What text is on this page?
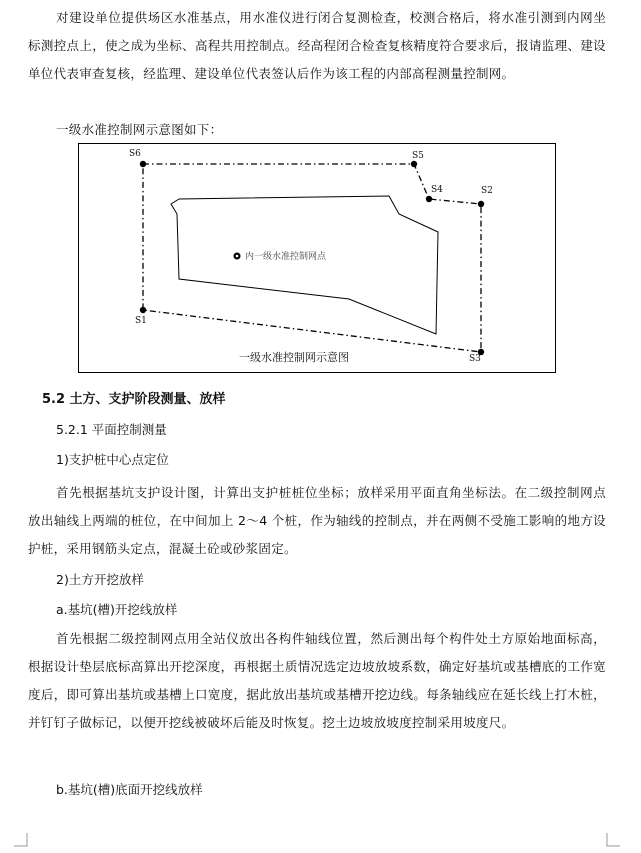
对建设单位提供场区水准基点，用水准仪进行闭合复测检查，校测合格后，将水准引测到内网坐标测控点上，使之成为坐标、高程共用控制点。经高程闭合检查复核精度符合要求后，报请监理、建设单位代表审查复核，经监理、建设单位代表签认后作为该工程的内部高程测量控制网。

一级水准控制网示意图如下：

S6	S5
S4	S2
S1
S3
内一级水准控制网点
一级水准控制网示意图
5.2 土方、支护阶段测量、放样
5.2.1 平面控制测量
1)支护桩中心点定位

首先根据基坑支护设计图，计算出支护桩桩位坐标；放样采用平面直角坐标法。在二级控制网点放出轴线上两端的桩位，在中间加上 2～4 个桩，作为轴线的控制点，并在两侧不受施工影响的地方设护桩，采用钢筋头定点，混凝土砼或砂浆固定。

2)土方开挖放样
a.基坑(槽)开挖线放样

首先根据二级控制网点用全站仪放出各构件轴线位置，然后测出每个构件处土方原始地面标高，根据设计垫层底标高算出开挖深度，再根据土质情况选定边坡放坡系数，确定好基坑或基槽底的工作宽度后，即可算出基坑或基槽上口宽度，据此放出基坑或基槽开挖边线。每条轴线应在延长线上打木桩，并钉钉子做标记，以便开挖线被破坏后能及时恢复。挖土边坡放坡度控制采用坡度尺。

b.基坑(槽)底面开挖线放样
